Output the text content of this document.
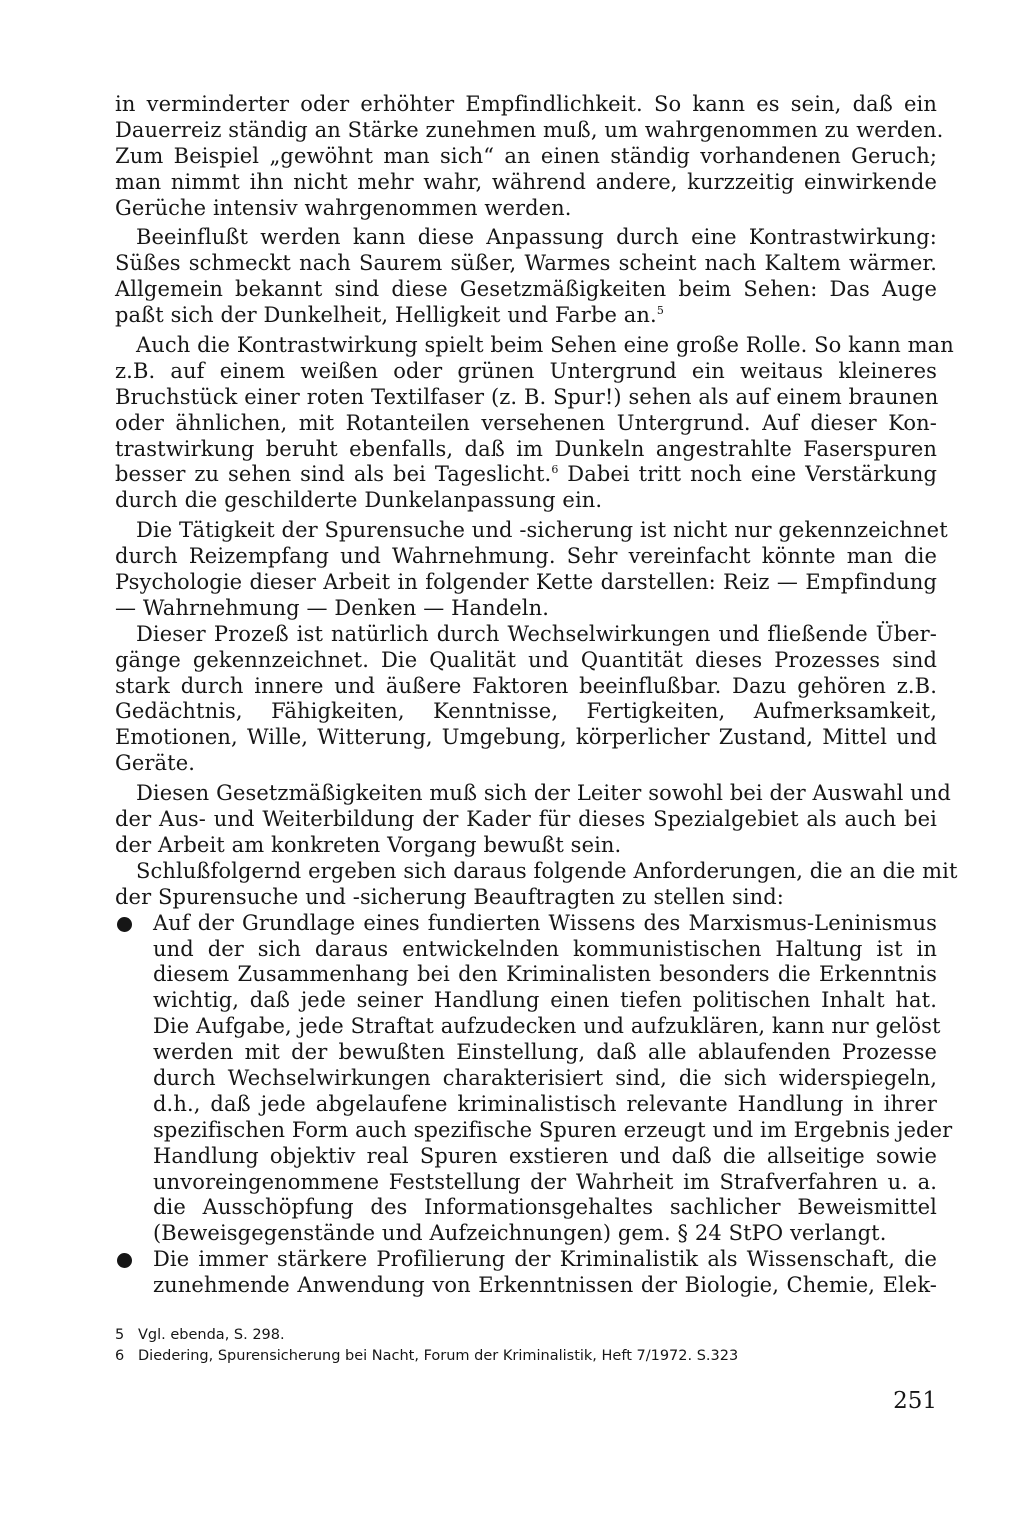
in verminderter oder erhöhter Empfindlichkeit. So kann es sein, daß ein
Dauerreiz ständig an Stärke zunehmen muß, um wahrgenommen zu werden.
Zum Beispiel „gewöhnt man sich“ an einen ständig vorhandenen Geruch;
man nimmt ihn nicht mehr wahr, während andere, kurzzeitig einwirkende
Gerüche intensiv wahrgenommen werden.
Beeinflußt werden kann diese Anpassung durch eine Kontrastwirkung:
Süßes schmeckt nach Saurem süßer, Warmes scheint nach Kaltem wärmer.
Allgemein bekannt sind diese Gesetzmäßigkeiten beim Sehen: Das Auge
paßt sich der Dunkelheit, Helligkeit und Farbe an.$^5$
Auch die Kontrastwirkung spielt beim Sehen eine große Rolle. So kann man
z.B. auf einem weißen oder grünen Untergrund ein weitaus kleineres
Bruchstück einer roten Textilfaser (z. B. Spur!) sehen als auf einem braunen
oder ähnlichen, mit Rotanteilen versehenen Untergrund. Auf dieser Kon-
trastwirkung beruht ebenfalls, daß im Dunkeln angestrahlte Faserspuren
besser zu sehen sind als bei Tageslicht.$^6$ Dabei tritt noch eine Verstärkung
durch die geschilderte Dunkelanpassung ein.
Die Tätigkeit der Spurensuche und -sicherung ist nicht nur gekennzeichnet
durch Reizempfang und Wahrnehmung. Sehr vereinfacht könnte man die
Psychologie dieser Arbeit in folgender Kette darstellen: Reiz — Empfindung
— Wahrnehmung — Denken — Handeln.
Dieser Prozeß ist natürlich durch Wechselwirkungen und fließende Über-
gänge gekennzeichnet. Die Qualität und Quantität dieses Prozesses sind
stark durch innere und äußere Faktoren beeinflußbar. Dazu gehören z.B.
Gedächtnis, Fähigkeiten, Kenntnisse, Fertigkeiten, Aufmerksamkeit,
Emotionen, Wille, Witterung, Umgebung, körperlicher Zustand, Mittel und
Geräte.
Diesen Gesetzmäßigkeiten muß sich der Leiter sowohl bei der Auswahl und
der Aus- und Weiterbildung der Kader für dieses Spezialgebiet als auch bei
der Arbeit am konkreten Vorgang bewußt sein.
Schlußfolgernd ergeben sich daraus folgende Anforderungen, die an die mit
der Spurensuche und -sicherung Beauftragten zu stellen sind:
Auf der Grundlage eines fundierten Wissens des Marxismus-Leninismus
und der sich daraus entwickelnden kommunistischen Haltung ist in
diesem Zusammenhang bei den Kriminalisten besonders die Erkenntnis
wichtig, daß jede seiner Handlung einen tiefen politischen Inhalt hat.
Die Aufgabe, jede Straftat aufzudecken und aufzuklären, kann nur gelöst
werden mit der bewußten Einstellung, daß alle ablaufenden Prozesse
durch Wechselwirkungen charakterisiert sind, die sich widerspiegeln,
d.h., daß jede abgelaufene kriminalistisch relevante Handlung in ihrer
spezifischen Form auch spezifische Spuren erzeugt und im Ergebnis jeder
Handlung objektiv real Spuren exstieren und daß die allseitige sowie
unvoreingenommene Feststellung der Wahrheit im Strafverfahren u. a.
die Ausschöpfung des Informationsgehaltes sachlicher Beweismittel
(Beweisgegenstände und Aufzeichnungen) gem. § 24 StPO verlangt.
Die immer stärkere Profilierung der Kriminalistik als Wissenschaft, die
zunehmende Anwendung von Erkenntnissen der Biologie, Chemie, Elek-
5 Vgl. ebenda, S. 298.
6 Diedering, Spurensicherung bei Nacht, Forum der Kriminalistik, Heft 7/1972. S.323
251
